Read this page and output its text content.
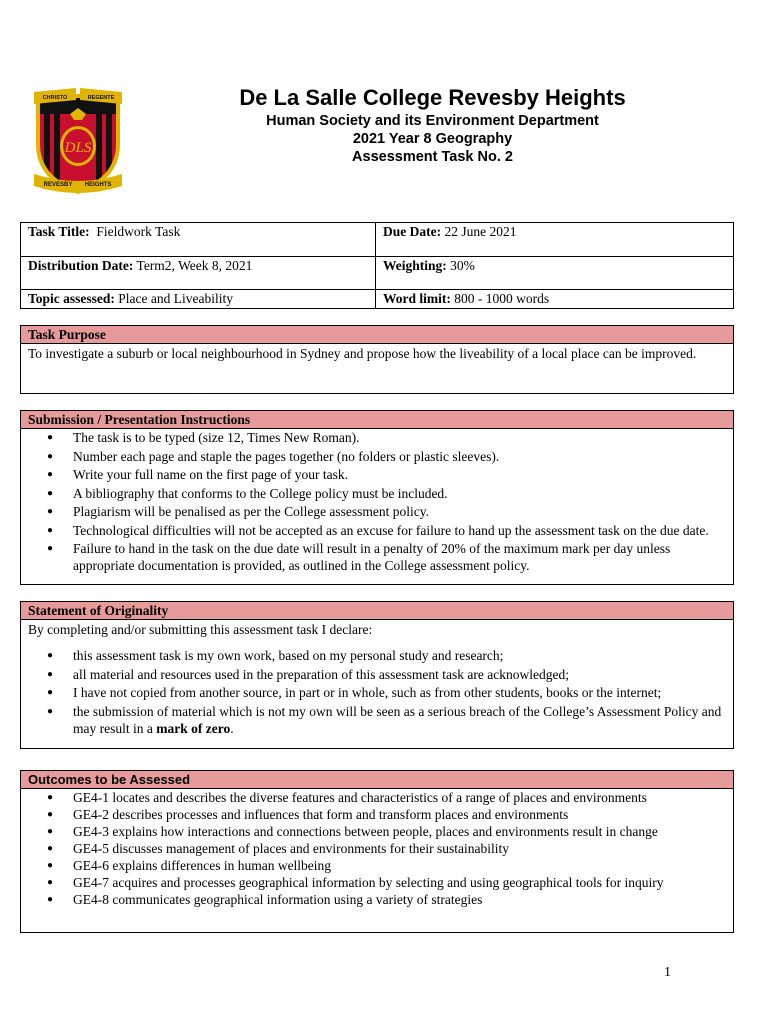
CHRISTO	REGENTE
DLS
REVESBY HEIGHTS
De La Salle College Revesby Heights
Human Society and its Environment Department
2021 Year 8 Geography
Assessment Task No. 2
Task Title: Fieldwork Task	Due Date: 22 June 2021
Distribution Date: Term2, Week 8, 2021	Weighting: 30%
Topic assessed: Place and Liveability	Word limit: 800 - 1000 words
Task Purpose
To investigate a suburb or local neighbourhood in Sydney and propose how the liveability of a local place can be improved.
Submission / Presentation Instructions
● The task is to be typed (size 12, Times New Roman).
● Number each page and staple the pages together (no folders or plastic sleeves).
● Write your full name on the first page of your task.
● A bibliography that conforms to the College policy must be included.
● Plagiarism will be penalised as per the College assessment policy.
● Technological difficulties will not be accepted as an excuse for failure to hand up the assessment task on the due date.
● Failure to hand in the task on the due date will result in a penalty of 20% of the maximum mark per day unless appropriate documentation is provided, as outlined in the College assessment policy.
Statement of Originality
By completing and/or submitting this assessment task I declare:
● this assessment task is my own work, based on my personal study and research;
● all material and resources used in the preparation of this assessment task are acknowledged;
● I have not copied from another source, in part or in whole, such as from other students, books or the internet;
● the submission of material which is not my own will be seen as a serious breach of the College’s Assessment Policy and may result in a mark of zero.
Outcomes to be Assessed
● GE4-1 locates and describes the diverse features and characteristics of a range of places and environments
● GE4-2 describes processes and influences that form and transform places and environments
● GE4-3 explains how interactions and connections between people, places and environments result in change
● GE4-5 discusses management of places and environments for their sustainability
● GE4-6 explains differences in human wellbeing
● GE4-7 acquires and processes geographical information by selecting and using geographical tools for inquiry
● GE4-8 communicates geographical information using a variety of strategies
1
